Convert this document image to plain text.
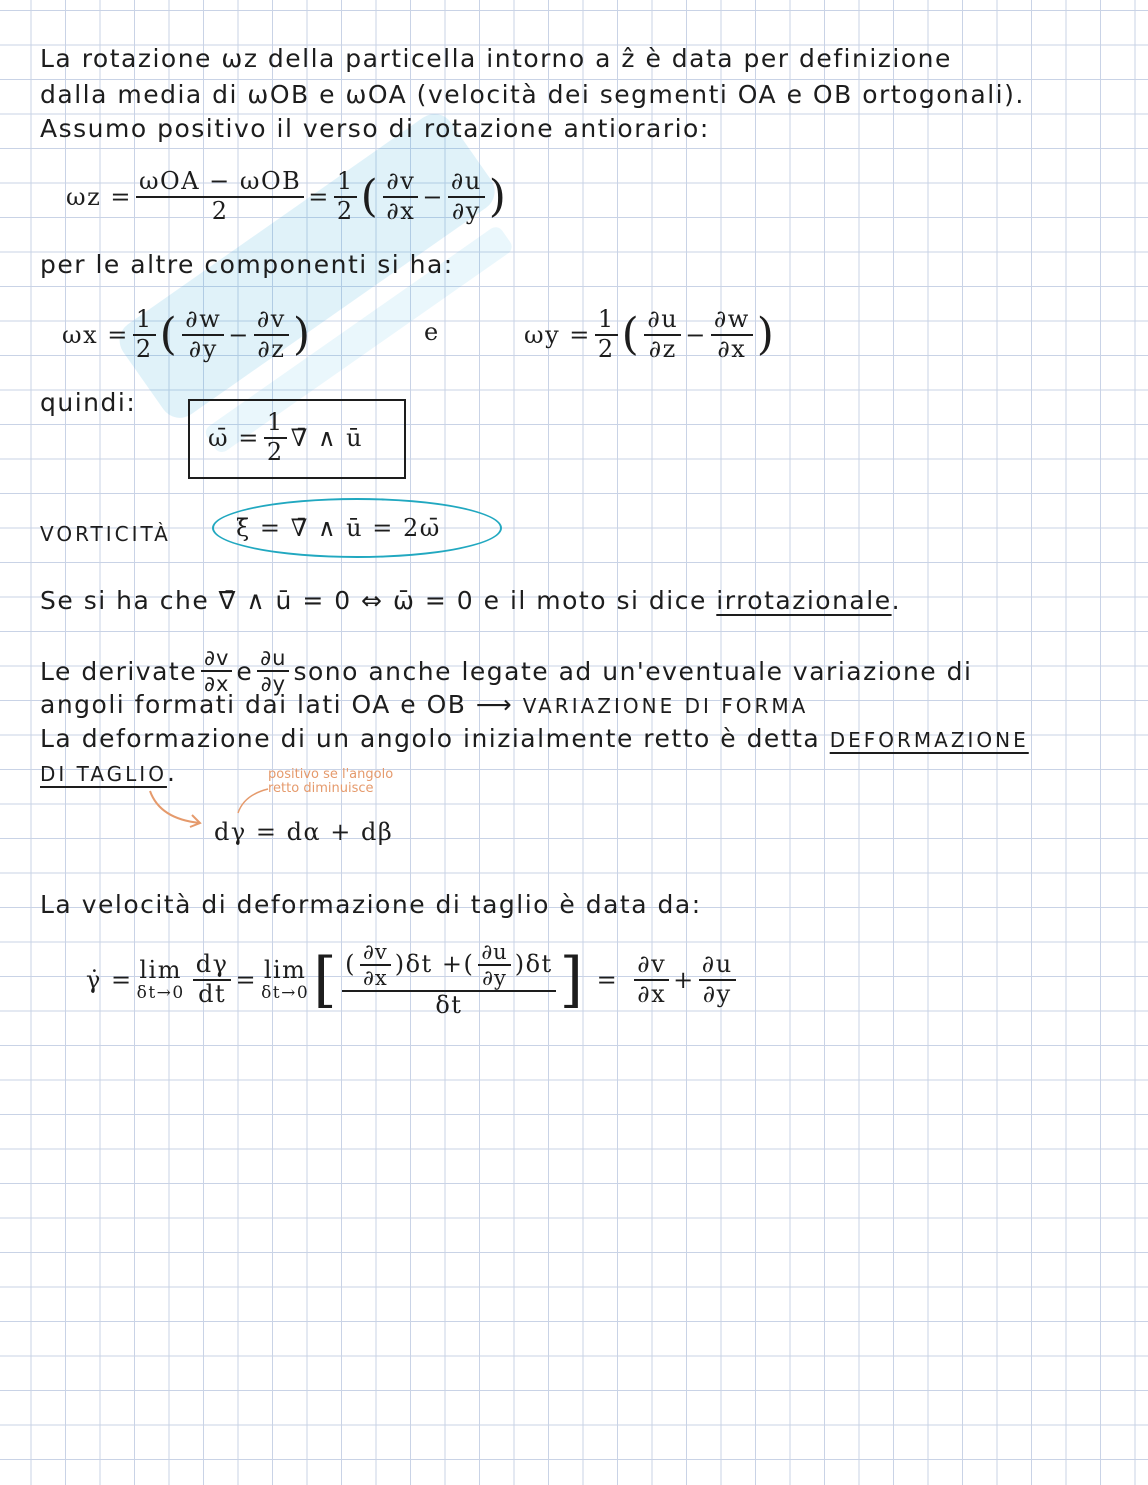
La rotazione ωz della particella intorno a ẑ è data per definizione
dalla media di ωOB e ωOA (velocità dei segmenti OA e OB ortogonali).
Assumo positivo il verso di rotazione antiorario:
$\omega z = \frac{\text{ωOA − ωOB}}{2} = \frac{1}{2}$ ( $\frac{\partial v}{\partial x} - \frac{\partial u}{\partial y}$ )
per le altre componenti si ha:
$\omega x = \frac{1}{2}$ ( $\frac{\partial w}{\partial y} - \frac{\partial v}{\partial z}$ )	e	$\omega y = \frac{1}{2}$ ( $\frac{\partial u}{\partial z} - \frac{\partial w}{\partial x}$ )
quindi:
ω̄ = $\frac{1}{2}$ ∇̄ ∧ ū
VORTICITÀ	ξ̄ = ∇̄ ∧ ū = 2ω̄
Se si ha che ∇̄ ∧ ū = 0 ⇔ ω̄ = 0 e il moto si dice irrotazionale.
Le derivate $\frac{\partial v}{\partial x}$ e $\frac{\partial u}{\partial y}$ sono anche legate ad un'eventuale variazione di
angoli formati dai lati OA e OB ⟶ VARIAZIONE DI FORMA
La deformazione di un angolo inizialmente retto è detta DEFORMAZIONE
DI TAGLIO.	positivo se l'angolo
retto diminuisce
dγ = dα + dβ
La velocità di deformazione di taglio è data da:
γ̇ = lim
$\delta t\to 0 \frac{d\gamma}{dt} = \lim$
δt→0 [ ( $\frac{\partial v}{\partial x} )\delta t$ + ( $\frac{\partial u}{\partial y} )\delta t$
δt ] = $\frac{\partial v}{\partial x} + \frac{\partial u}{\partial y}$
